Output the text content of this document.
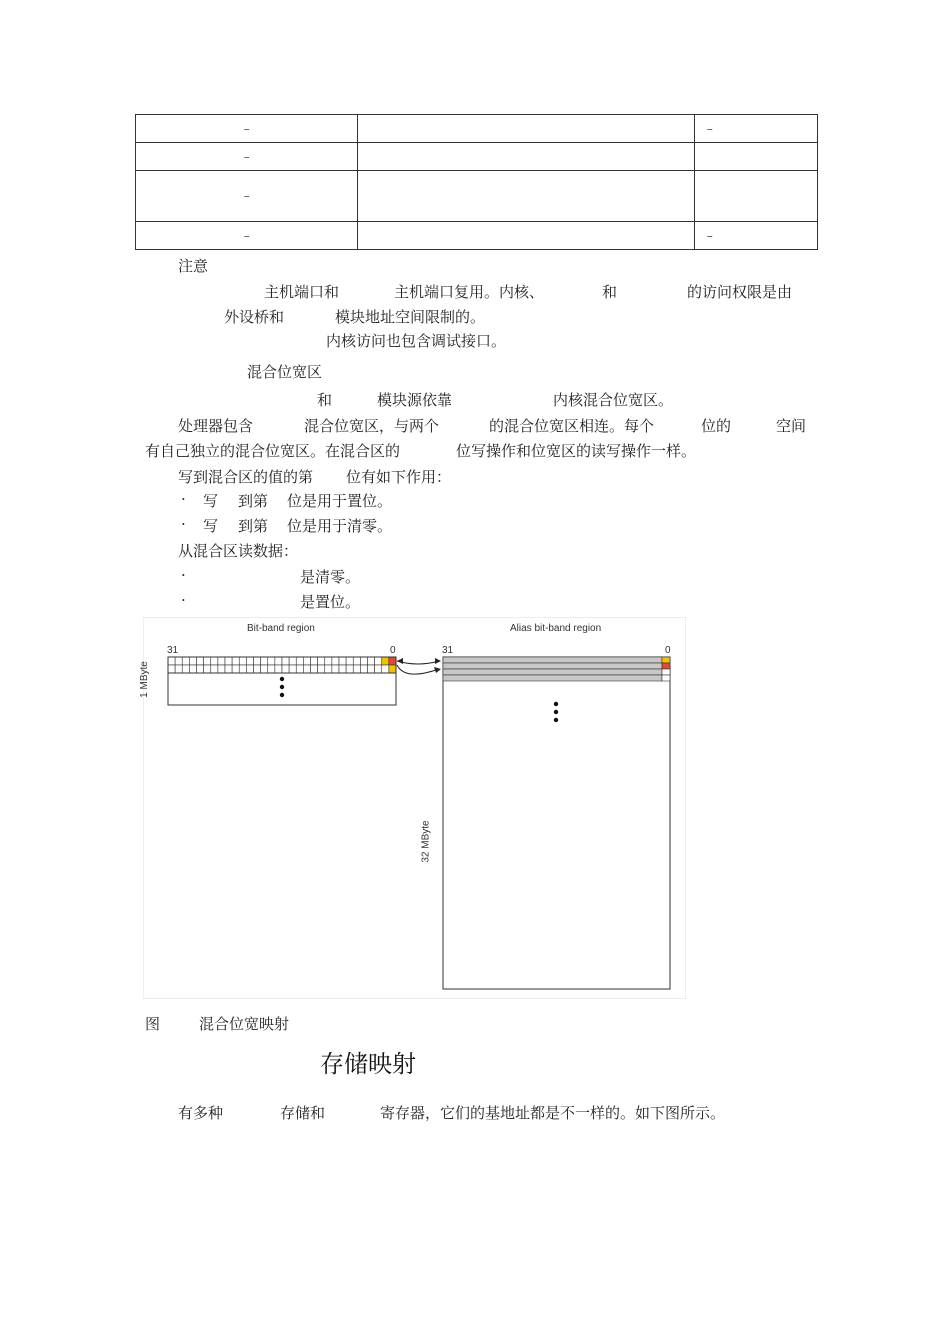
–		–
–		
–		
–		–
注意
主机端口和	主机端口复用。内核、	和	的访问权限是由
外设桥和	模块地址空间限制的。
内核访问也包含调试接口。
混合位宽区
和	模块源依靠	内核混合位宽区。
处理器包含	混合位宽区，与两个	的混合位宽区相连。每个	位的	空间
有自己独立的混合位宽区。在混合区的	位写操作和位宽区的读写操作一样。
写到混合区的值的第 位有如下作用：
· 写 到第 位是用于置位。
· 写 到第 位是用于清零。
从混合区读数据：
·	是清零。
·	是置位。
Bit-band region	Alias bit-band region
31	0	31	0
1 MByte
32 MByte
图	混合位宽映射
存储映射
有多种	存储和	寄存器，它们的基地址都是不一样的。如下图所示。
